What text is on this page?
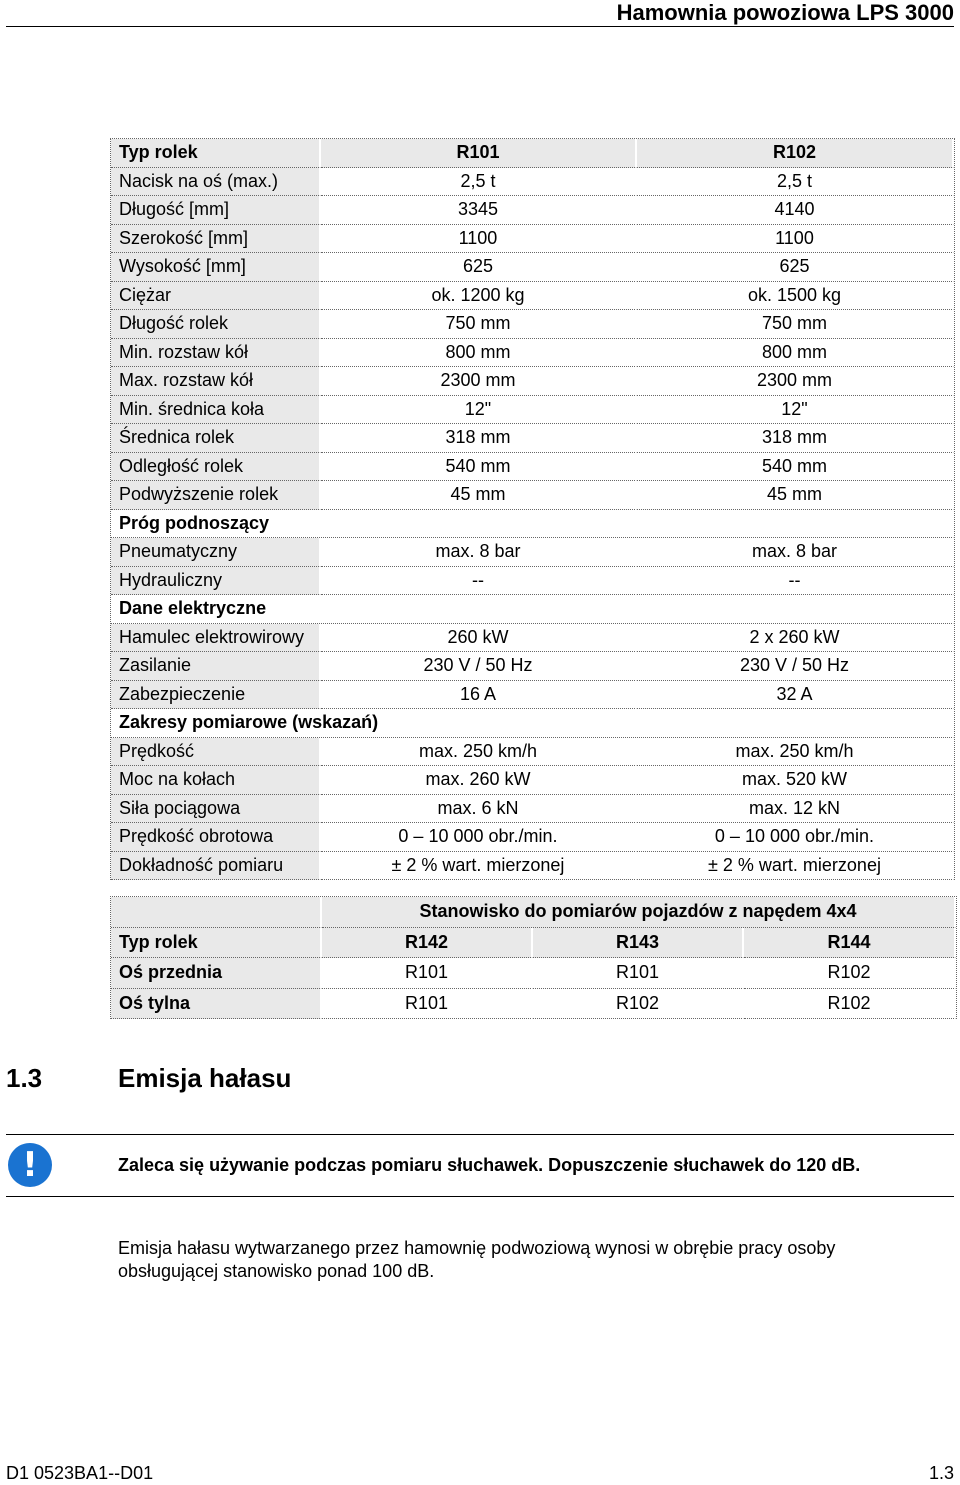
Hamownia powoziowa LPS 3000
Typ rolek	R101	R102
Nacisk na oś (max.)	2,5 t	2,5 t
Długość [mm]	3345	4140
Szerokość [mm]	1100	1100
Wysokość [mm]	625	625
Ciężar	ok. 1200 kg	ok. 1500 kg
Długość rolek	750 mm	750 mm
Min. rozstaw kół	800 mm	800 mm
Max. rozstaw kół	2300 mm	2300 mm
Min. średnica koła	12"	12"
Średnica rolek	318 mm	318 mm
Odległość rolek	540 mm	540 mm
Podwyższenie rolek	45 mm	45 mm
Próg podnoszący		
Pneumatyczny	max. 8 bar	max. 8 bar
Hydrauliczny	--	--
Dane elektryczne		
Hamulec elektrowirowy	260 kW	2 x 260 kW
Zasilanie	230 V / 50 Hz	230 V / 50 Hz
Zabezpieczenie	16 A	32 A
Zakresy pomiarowe (wskazań)		
Prędkość	max. 250 km/h	max. 250 km/h
Moc na kołach	max. 260 kW	max. 520 kW
Siła pociągowa	max. 6 kN	max. 12 kN
Prędkość obrotowa	0 – 10 000 obr./min.	0 – 10 000 obr./min.
Dokładność pomiaru	± 2 % wart. mierzonej	± 2 % wart. mierzonej
	Stanowisko do pomiarów pojazdów z napędem 4x4		
Typ rolek	R142	R143	R144
Oś przednia	R101	R101	R102
Oś tylna	R101	R102	R102
1.3	Emisja hałasu
!	Zaleca się używanie podczas pomiaru słuchawek. Dopuszczenie słuchawek do 120 dB.
Emisja hałasu wytwarzanego przez hamownię podwoziową wynosi w obrębie pracy osoby obsługującej stanowisko ponad 100 dB.
D1 0523BA1--D01	1.3
